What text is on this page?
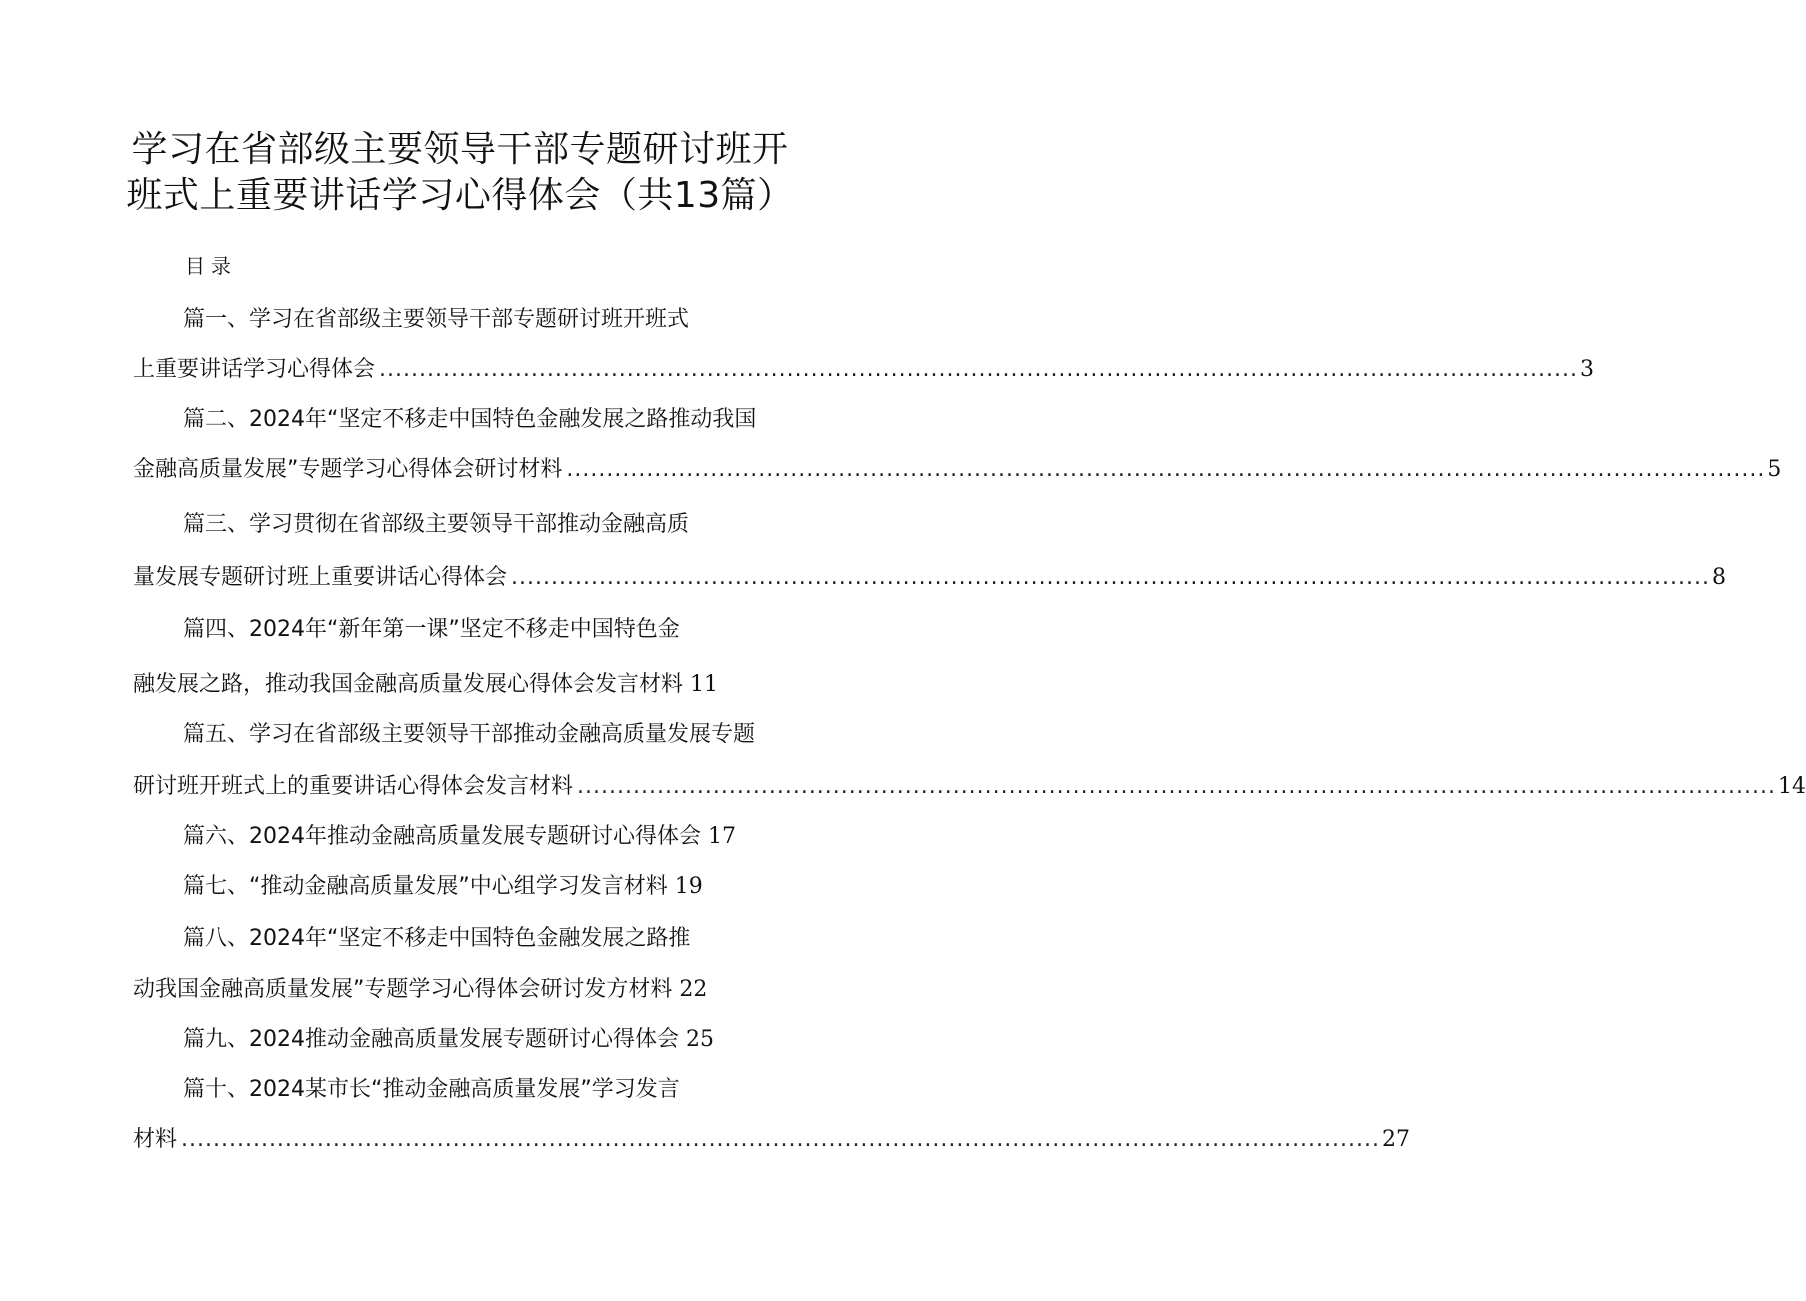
学习在省部级主要领导干部专题研讨班开
班式上重要讲话学习心得体会（共13篇）
目录
篇一、学习在省部级主要领导干部专题研讨班开班式
上重要讲话学习心得体会 ...................................................................................................................................................... 3
篇二、2024年“坚定不移走中国特色金融发展之路推动我国
金融高质量发展”专题学习心得体会研讨材料 ...................................................................................................................................................... 5
篇三、学习贯彻在省部级主要领导干部推动金融高质
量发展专题研讨班上重要讲话心得体会 ...................................................................................................................................................... 8
篇四、2024年“新年第一课”坚定不移走中国特色金
融发展之路，推动我国金融高质量发展心得体会发言材料 11
篇五、学习在省部级主要领导干部推动金融高质量发展专题
研讨班开班式上的重要讲话心得体会发言材料 ...................................................................................................................................................... 14
篇六、2024年推动金融高质量发展专题研讨心得体会 17
篇七、“推动金融高质量发展”中心组学习发言材料 19
篇八、2024年“坚定不移走中国特色金融发展之路推
动我国金融高质量发展”专题学习心得体会研讨发方材料 22
篇九、2024推动金融高质量发展专题研讨心得体会 25
篇十、2024某市长“推动金融高质量发展”学习发言
材料 ...................................................................................................................................................... 27
